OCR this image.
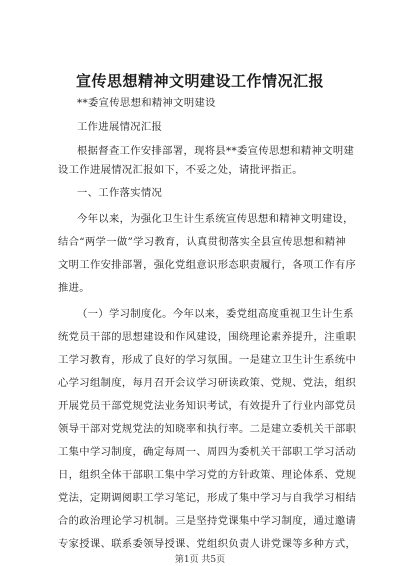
宣传思想精神文明建设工作情况汇报
**委宣传思想和精神文明建设
工作进展情况汇报
根据督查工作安排部署，现将县**委宣传思想和精神文明建
设工作进展情况汇报如下，不妥之处，请批评指正。
一、工作落实情况
今年以来，为强化卫生计生系统宣传思想和精神文明建设，
结合“两学一做”学习教育，认真贯彻落实全县宣传思想和精神
文明工作安排部署，强化党组意识形态职责履行，各项工作有序
推进。
（一）学习制度化。今年以来，委党组高度重视卫生计生系
统党员干部的思想建设和作风建设，围绕理论素养提升，注重职
工学习教育，形成了良好的学习氛围。一是建立卫生计生系统中
心学习组制度，每月召开会议学习研读政策、党规、党法，组织
开展党员干部党规党法业务知识考试，有效提升了行业内部党员
领导干部对党规党法的知晓率和执行率。二是建立委机关干部职
工集中学习制度，确定每周一、周四为委机关干部职工学习活动
日，组织全体干部职工集中学习党的方针政策、理论体系、党规
党法，定期调阅职工学习笔记，形成了集中学习与自我学习相结
合的政治理论学习机制。三是坚持党课集中学习制度，通过邀请
专家授课、联系委领导授课、党组织负责人讲党课等多种方式，
第1页 共5页
